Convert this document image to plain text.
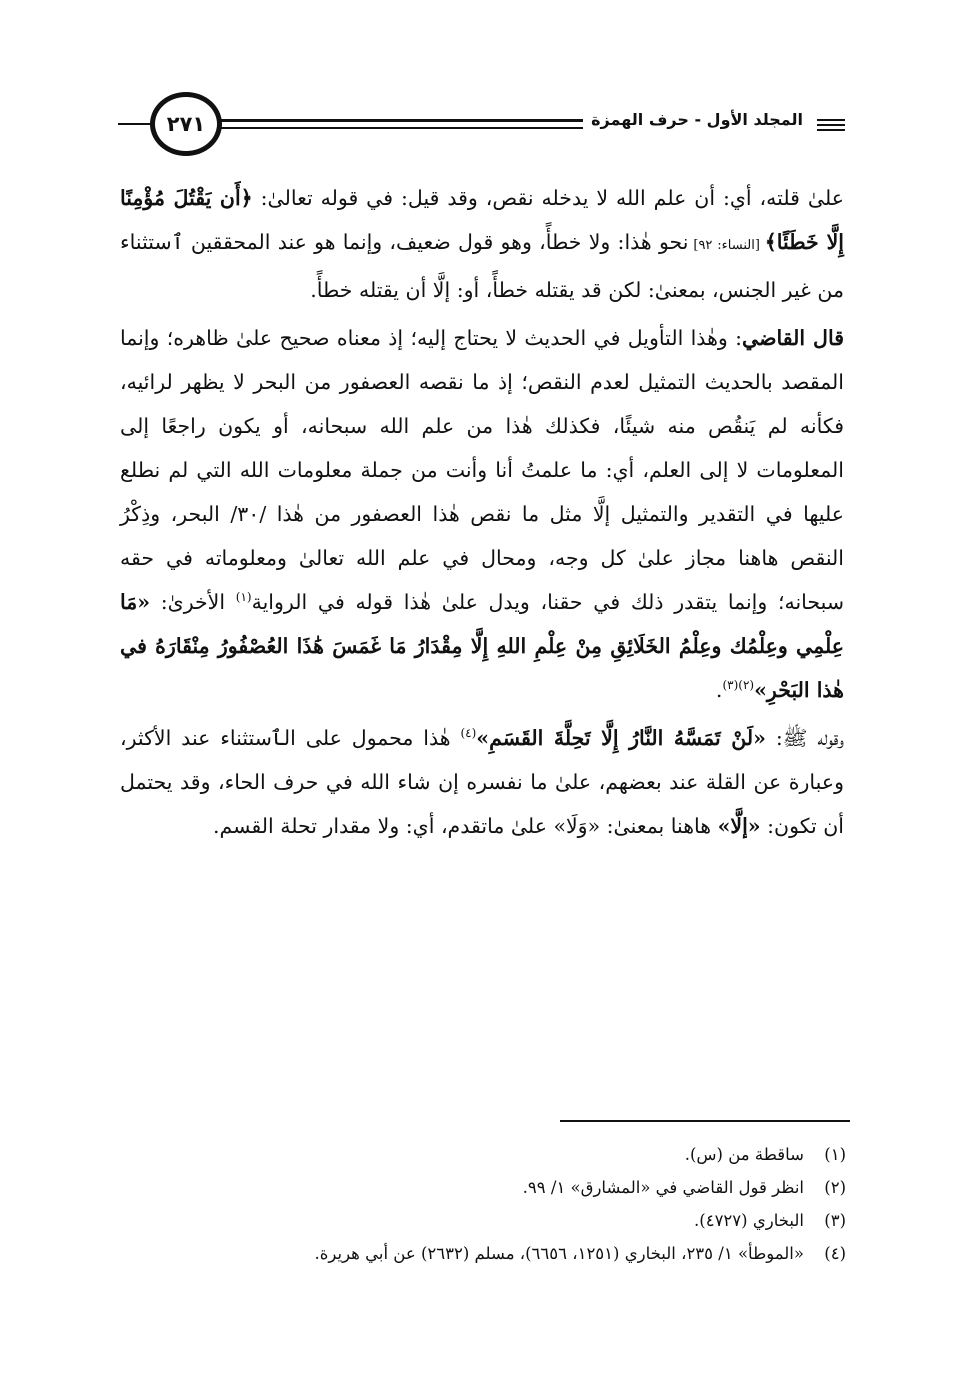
٢٧١	المجلد الأول - حرف الهمزة

علىٰ قلته، أي: أن علم الله لا يدخله نقص، وقد قيل: في قوله تعالىٰ: ﴿أَن يَقْتُلَ مُؤْمِنًا إِلَّا خَطَئًا﴾ [النساء: ٩٢] نحو هٰذا: ولا خطأً، وهو قول ضعيف، وإنما هو عند المحققين ٱستثناء من غير الجنس، بمعنىٰ: لكن قد يقتله خطأً، أو: إلَّا أن يقتله خطأً.

قال القاضي: وهٰذا التأويل في الحديث لا يحتاج إليه؛ إذ معناه صحيح علىٰ ظاهره؛ وإنما المقصد بالحديث التمثيل لعدم النقص؛ إذ ما نقصه العصفور من البحر لا يظهر لرائيه، فكأنه لم يَنقُص منه شيئًا، فكذلك هٰذا من علم الله سبحانه، أو يكون راجعًا إلى المعلومات لا إلى العلم، أي: ما علمتُ أنا وأنت من جملة معلومات الله التي لم نطلع عليها في التقدير والتمثيل إلَّا مثل ما نقص هٰذا العصفور من هٰذا /٣٠/ البحر، وذِكْرُ النقص هاهنا مجاز علىٰ كل وجه، ومحال في علم الله تعالىٰ ومعلوماته في حقه سبحانه؛ وإنما يتقدر ذلك في حقنا، ويدل علىٰ هٰذا قوله في الرواية$^{(١)}$ الأخرىٰ: «مَا عِلْمِي وعِلْمُك وعِلْمُ الخَلَائِقِ مِنْ عِلْمِ اللهِ إِلَّا مِقْدَارُ مَا غَمَسَ هَٰذَا العُصْفُورُ مِنْقَارَهُ في هٰذا البَحْرِ»$^{(٢)(٣)}$.

وقوله ﷺ: «لَنْ تَمَسَّهُ النَّارُ إِلَّا تَحِلَّةَ القَسَمِ»$^{(٤)}$ هٰذا محمول على الٱستثناء عند الأكثر، وعبارة عن القلة عند بعضهم، علىٰ ما نفسره إن شاء الله في حرف الحاء، وقد يحتمل أن تكون: «إلَّا» هاهنا بمعنىٰ: «وَلَا» علىٰ ماتقدم، أي: ولا مقدار تحلة القسم.

(١)ساقطة من (س).
(٢)انظر قول القاضي في «المشارق» ١/ ٩٩.
(٣)البخاري (٤٧٢٧).
(٤)«الموطأ» ١/ ٢٣٥، البخاري (١٢٥١، ٦٦٥٦)، مسلم (٢٦٣٢) عن أبي هريرة.
